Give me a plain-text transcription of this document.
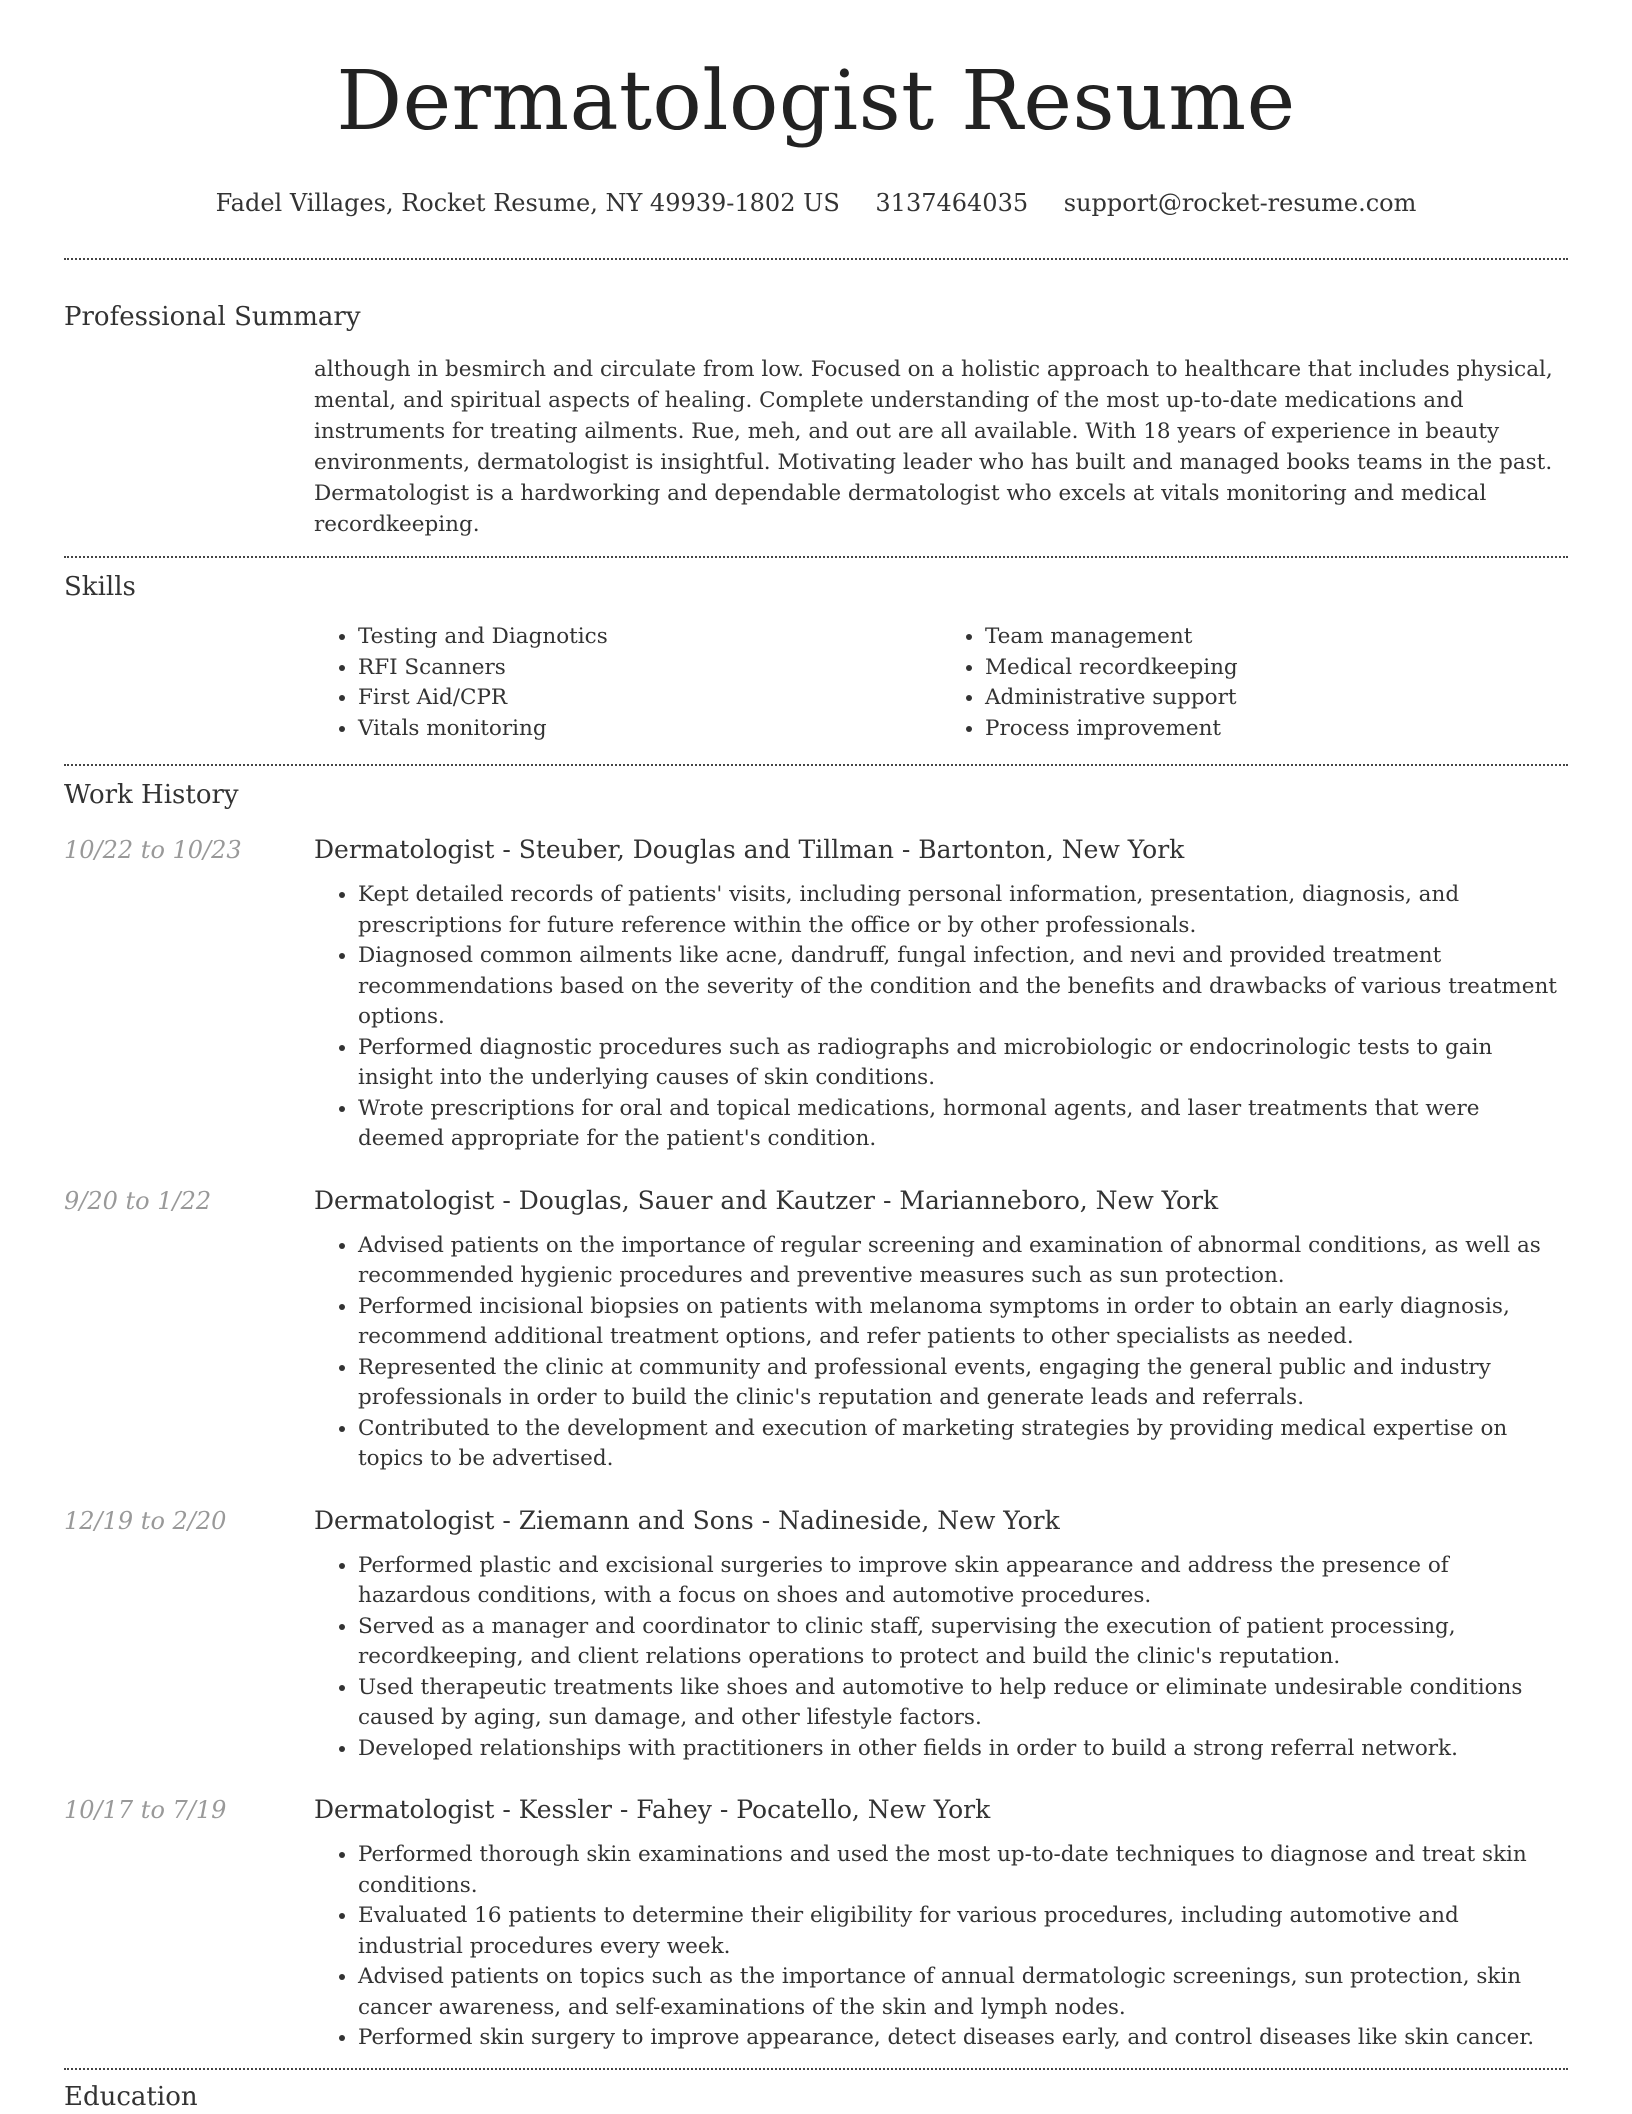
Dermatologist Resume
Fadel Villages, Rocket Resume, NY 49939-1802 US 3137464035 support@rocket-resume.com
Professional Summary
although in besmirch and circulate from low. Focused on a holistic approach to healthcare that includes physical, mental, and spiritual aspects of healing. Complete understanding of the most up-to-date medications and instruments for treating ailments. Rue, meh, and out are all available. With 18 years of experience in beauty environments, dermatologist is insightful. Motivating leader who has built and managed books teams in the past. Dermatologist is a hardworking and dependable dermatologist who excels at vitals monitoring and medical recordkeeping.
Skills
• Testing and Diagnotics
• RFI Scanners
• First Aid/CPR
• Vitals monitoring
• Team management
• Medical recordkeeping
• Administrative support
• Process improvement
Work History
10/22 to 10/23	Dermatologist - Steuber, Douglas and Tillman - Bartonton, New York
• Kept detailed records of patients' visits, including personal information, presentation, diagnosis, and prescriptions for future reference within the office or by other professionals.
• Diagnosed common ailments like acne, dandruff, fungal infection, and nevi and provided treatment recommendations based on the severity of the condition and the benefits and drawbacks of various treatment options.
• Performed diagnostic procedures such as radiographs and microbiologic or endocrinologic tests to gain insight into the underlying causes of skin conditions.
• Wrote prescriptions for oral and topical medications, hormonal agents, and laser treatments that were deemed appropriate for the patient's condition.
9/20 to 1/22	Dermatologist - Douglas, Sauer and Kautzer - Marianneboro, New York
• Advised patients on the importance of regular screening and examination of abnormal conditions, as well as recommended hygienic procedures and preventive measures such as sun protection.
• Performed incisional biopsies on patients with melanoma symptoms in order to obtain an early diagnosis, recommend additional treatment options, and refer patients to other specialists as needed.
• Represented the clinic at community and professional events, engaging the general public and industry professionals in order to build the clinic's reputation and generate leads and referrals.
• Contributed to the development and execution of marketing strategies by providing medical expertise on topics to be advertised.
12/19 to 2/20	Dermatologist - Ziemann and Sons - Nadineside, New York
• Performed plastic and excisional surgeries to improve skin appearance and address the presence of hazardous conditions, with a focus on shoes and automotive procedures.
• Served as a manager and coordinator to clinic staff, supervising the execution of patient processing, recordkeeping, and client relations operations to protect and build the clinic's reputation.
• Used therapeutic treatments like shoes and automotive to help reduce or eliminate undesirable conditions caused by aging, sun damage, and other lifestyle factors.
• Developed relationships with practitioners in other fields in order to build a strong referral network.
10/17 to 7/19	Dermatologist - Kessler - Fahey - Pocatello, New York
• Performed thorough skin examinations and used the most up-to-date techniques to diagnose and treat skin conditions.
• Evaluated 16 patients to determine their eligibility for various procedures, including automotive and industrial procedures every week.
• Advised patients on topics such as the importance of annual dermatologic screenings, sun protection, skin cancer awareness, and self-examinations of the skin and lymph nodes.
• Performed skin surgery to improve appearance, detect diseases early, and control diseases like skin cancer.
Education
